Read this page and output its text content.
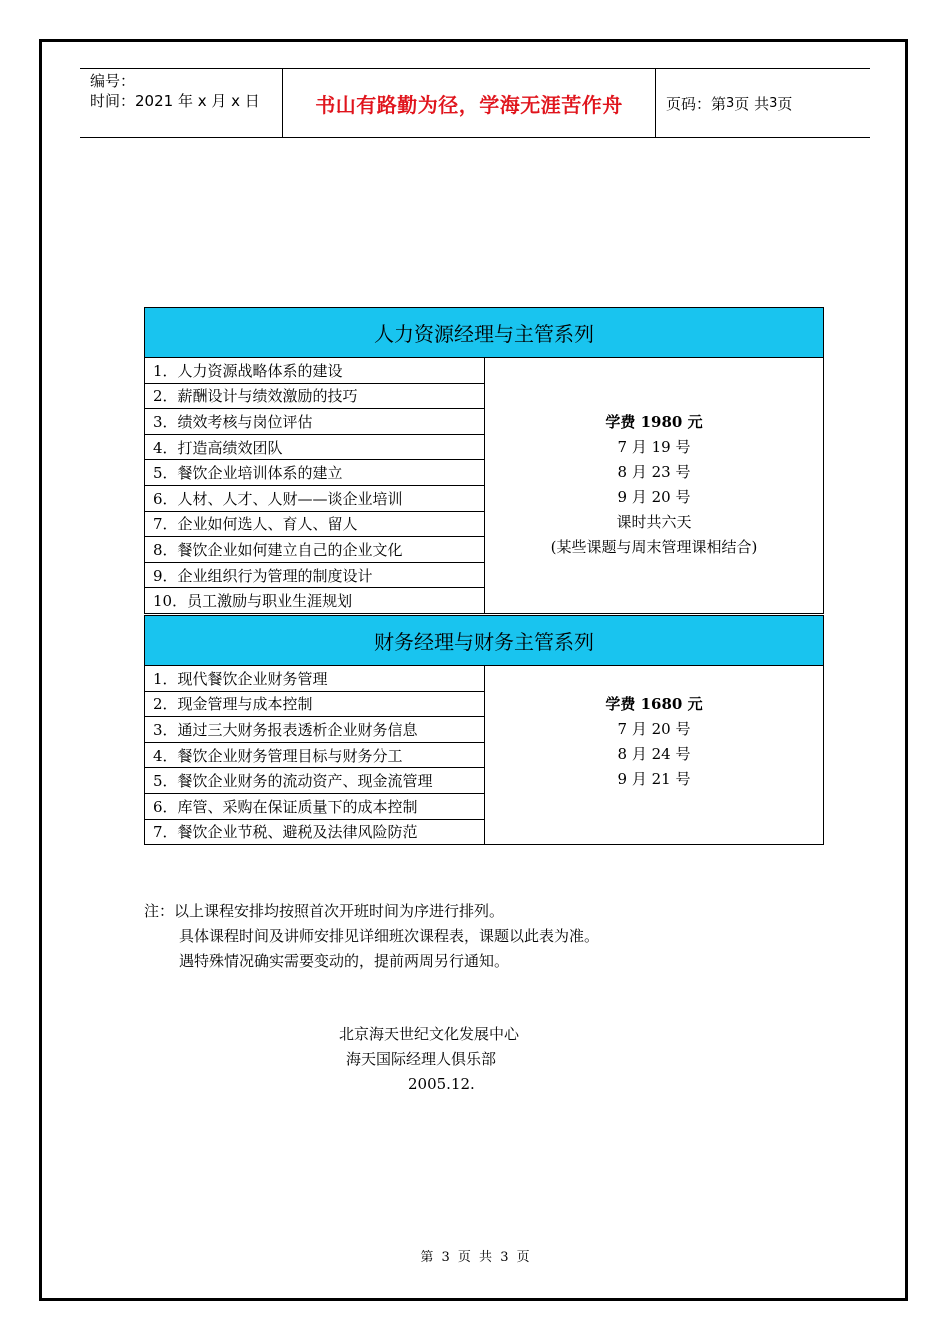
编号：
时间：2021 年 x 月 x 日	书山有路勤为径，学海无涯苦作舟	页码：第 3 页 共 3 页
人力资源经理与主管系列
1．人力资源战略体系的建设	
学费 1980 元
7 月 19 号
8 月 23 号
9 月 20 号
课时共六天
(某些课题与周末管理课相结合)

2．薪酬设计与绩效激励的技巧
3．绩效考核与岗位评估
4．打造高绩效团队
5．餐饮企业培训体系的建立
6．人材、人才、人财——谈企业培训
7．企业如何选人、育人、留人
8．餐饮企业如何建立自己的企业文化
9．企业组织行为管理的制度设计
10．员工激励与职业生涯规划
财务经理与财务主管系列
1．现代餐饮企业财务管理	
学费 1680 元
7 月 20 号
8 月 24 号
9 月 21 号

2．现金管理与成本控制
3．通过三大财务报表透析企业财务信息
4．餐饮企业财务管理目标与财务分工
5．餐饮企业财务的流动资产、现金流管理
6．库管、采购在保证质量下的成本控制
7．餐饮企业节税、避税及法律风险防范
注：以上课程安排均按照首次开班时间为序进行排列。
具体课程时间及讲师安排见详细班次课程表，课题以此表为准。
遇特殊情况确实需要变动的，提前两周另行通知。
北京海天世纪文化发展中心
海天国际经理人俱乐部
2005.12.
第 3 页 共 3 页
